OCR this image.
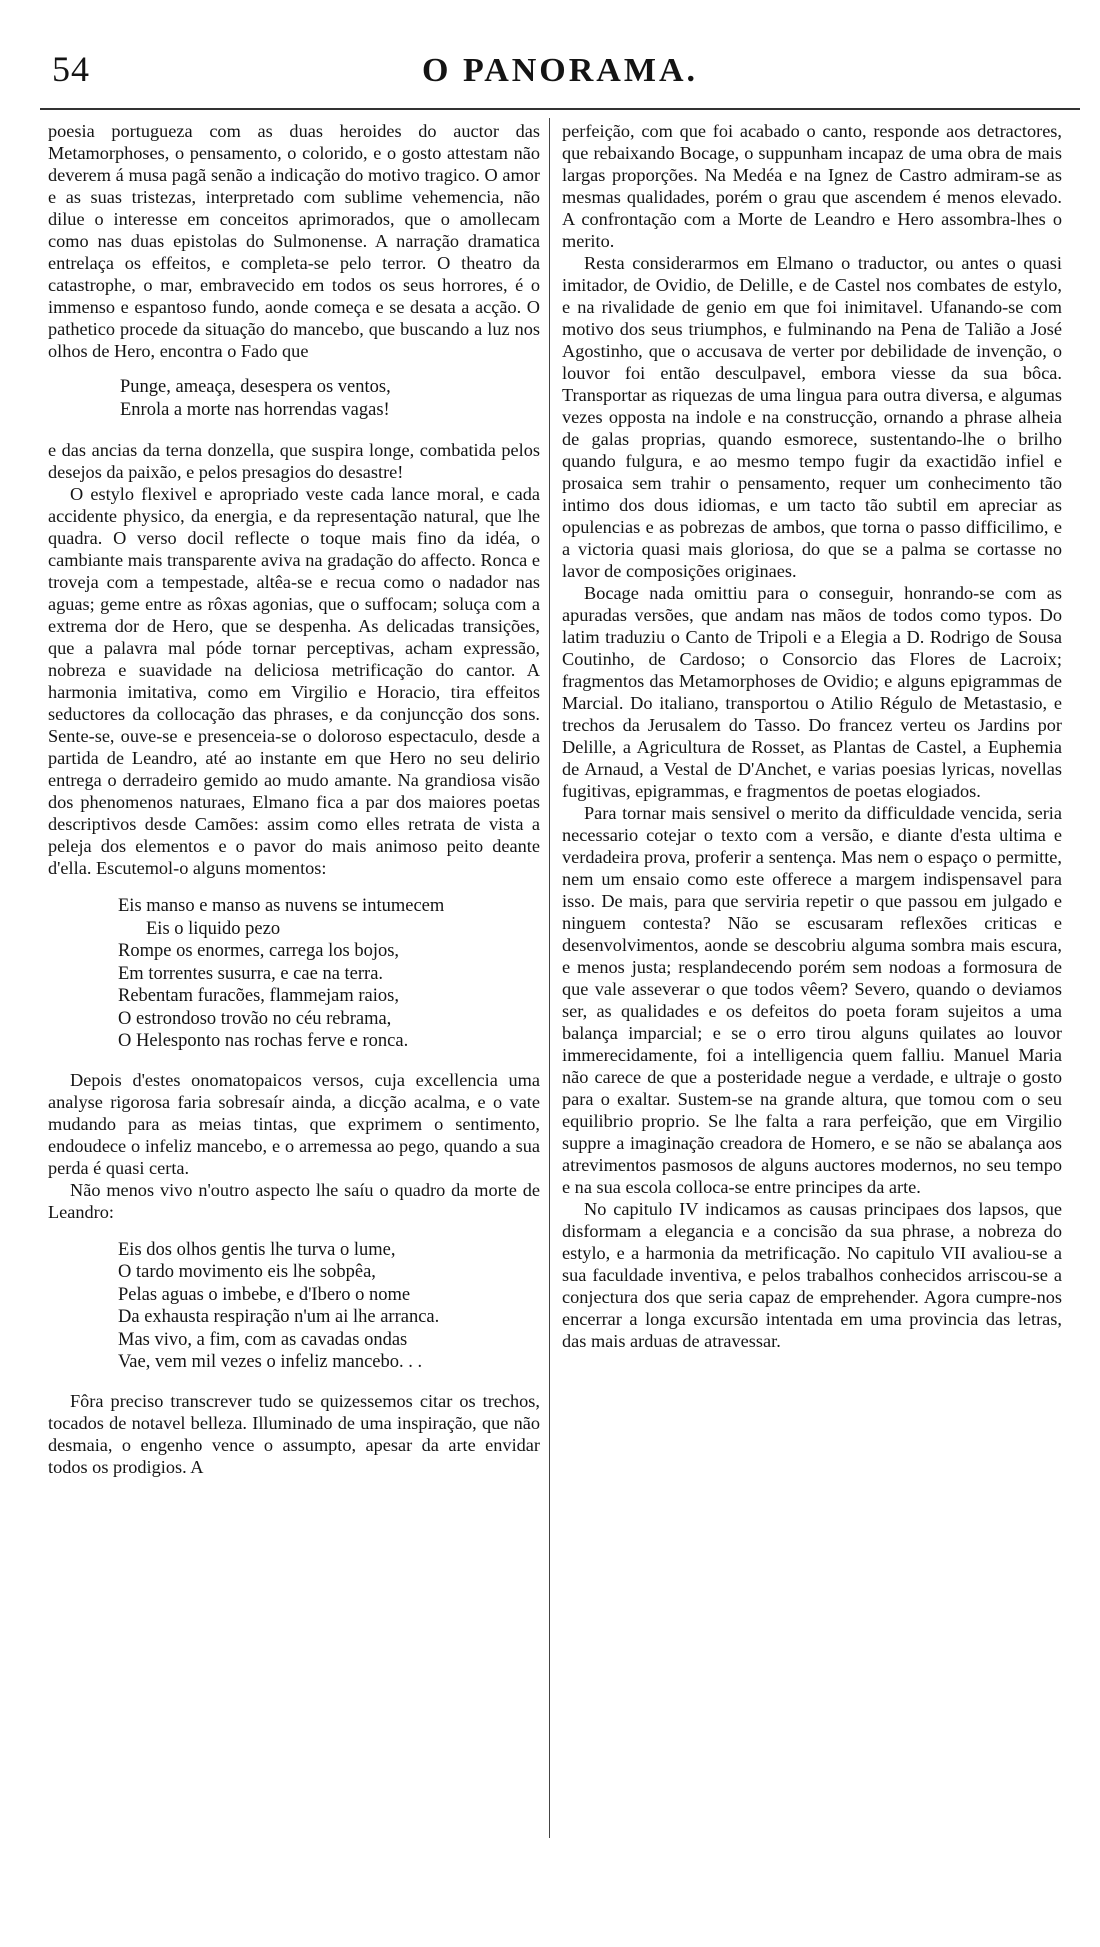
54	O PANORAMA.

poesia portugueza com as duas heroides do auctor das Metamorphoses, o pensamento, o colorido, e o gosto attestam não deverem á musa pagã senão a indicação do motivo tragico. O amor e as suas tristezas, interpretado com sublime vehemencia, não dilue o interesse em conceitos aprimorados, que o amollecam como nas duas epistolas do Sulmonense. A narração dramatica entrelaça os effeitos, e completa-se pelo terror. O theatro da catastrophe, o mar, embravecido em todos os seus horrores, é o immenso e espantoso fundo, aonde começa e se desata a acção. O pathetico procede da situação do mancebo, que buscando a luz nos olhos de Hero, encontra o Fado que

Punge, ameaça, desespera os ventos,
Enrola a morte nas horrendas vagas!

e das ancias da terna donzella, que suspira longe, combatida pelos desejos da paixão, e pelos presagios do desastre!

O estylo flexivel e apropriado veste cada lance moral, e cada accidente physico, da energia, e da representação natural, que lhe quadra. O verso docil reflecte o toque mais fino da idéa, o cambiante mais transparente aviva na gradação do affecto. Ronca e troveja com a tempestade, altêa-se e recua como o nadador nas aguas; geme entre as rôxas agonias, que o suffocam; soluça com a extrema dor de Hero, que se despenha. As delicadas transições, que a palavra mal póde tornar perceptivas, acham expressão, nobreza e suavidade na deliciosa metrificação do cantor. A harmonia imitativa, como em Virgilio e Horacio, tira effeitos seductores da collocação das phrases, e da conjuncção dos sons. Sente-se, ouve-se e presenceia-se o doloroso espectaculo, desde a partida de Leandro, até ao instante em que Hero no seu delirio entrega o derradeiro gemido ao mudo amante. Na grandiosa visão dos phenomenos naturaes, Elmano fica a par dos maiores poetas descriptivos desde Camões: assim como elles retrata de vista a peleja dos elementos e o pavor do mais animoso peito deante d'ella. Escutemol-o alguns momentos:

Eis manso e manso as nuvens se intumecem
Eis o liquido pezo
Rompe os enormes, carrega los bojos,
Em torrentes susurra, e cae na terra.
Rebentam furacões, flammejam raios,
O estrondoso trovão no céu rebrama,
O Helesponto nas rochas ferve e ronca.

Depois d'estes onomatopaicos versos, cuja excellencia uma analyse rigorosa faria sobresaír ainda, a dicção acalma, e o vate mudando para as meias tintas, que exprimem o sentimento, endoudece o infeliz mancebo, e o arremessa ao pego, quando a sua perda é quasi certa.

Não menos vivo n'outro aspecto lhe saíu o quadro da morte de Leandro:

Eis dos olhos gentis lhe turva o lume,
O tardo movimento eis lhe sobpêa,
Pelas aguas o imbebe, e d'Ibero o nome
Da exhausta respiração n'um ai lhe arranca.
Mas vivo, a fim, com as cavadas ondas
Vae, vem mil vezes o infeliz mancebo. . .

Fôra preciso transcrever tudo se quizessemos citar os trechos, tocados de notavel belleza. Illuminado de uma inspiração, que não desmaia, o engenho vence o assumpto, apesar da arte envidar todos os prodigios. A

perfeição, com que foi acabado o canto, responde aos detractores, que rebaixando Bocage, o suppunham incapaz de uma obra de mais largas proporções. Na Medéa e na Ignez de Castro admiram-se as mesmas qualidades, porém o grau que ascendem é menos elevado. A confrontação com a Morte de Leandro e Hero assombra-lhes o merito.

Resta considerarmos em Elmano o traductor, ou antes o quasi imitador, de Ovidio, de Delille, e de Castel nos combates de estylo, e na rivalidade de genio em que foi inimitavel. Ufanando-se com motivo dos seus triumphos, e fulminando na Pena de Talião a José Agostinho, que o accusava de verter por debilidade de invenção, o louvor foi então desculpavel, embora viesse da sua bôca. Transportar as riquezas de uma lingua para outra diversa, e algumas vezes opposta na indole e na construcção, ornando a phrase alheia de galas proprias, quando esmorece, sustentando-lhe o brilho quando fulgura, e ao mesmo tempo fugir da exactidão infiel e prosaica sem trahir o pensamento, requer um conhecimento tão intimo dos dous idiomas, e um tacto tão subtil em apreciar as opulencias e as pobrezas de ambos, que torna o passo difficilimo, e a victoria quasi mais gloriosa, do que se a palma se cortasse no lavor de composições originaes.

Bocage nada omittiu para o conseguir, honrando-se com as apuradas versões, que andam nas mãos de todos como typos. Do latim traduziu o Canto de Tripoli e a Elegia a D. Rodrigo de Sousa Coutinho, de Cardoso; o Consorcio das Flores de Lacroix; fragmentos das Metamorphoses de Ovidio; e alguns epigrammas de Marcial. Do italiano, transportou o Atilio Régulo de Metastasio, e trechos da Jerusalem do Tasso. Do francez verteu os Jardins por Delille, a Agricultura de Rosset, as Plantas de Castel, a Euphemia de Arnaud, a Vestal de D'Anchet, e varias poesias lyricas, novellas fugitivas, epigrammas, e fragmentos de poetas elogiados.

Para tornar mais sensivel o merito da difficuldade vencida, seria necessario cotejar o texto com a versão, e diante d'esta ultima e verdadeira prova, proferir a sentença. Mas nem o espaço o permitte, nem um ensaio como este offerece a margem indispensavel para isso. De mais, para que serviria repetir o que passou em julgado e ninguem contesta? Não se escusaram reflexões criticas e desenvolvimentos, aonde se descobriu alguma sombra mais escura, e menos justa; resplandecendo porém sem nodoas a formosura de que vale asseverar o que todos vêem? Severo, quando o deviamos ser, as qualidades e os defeitos do poeta foram sujeitos a uma balança imparcial; e se o erro tirou alguns quilates ao louvor immerecidamente, foi a intelligencia quem falliu. Manuel Maria não carece de que a posteridade negue a verdade, e ultraje o gosto para o exaltar. Sustem-se na grande altura, que tomou com o seu equilibrio proprio. Se lhe falta a rara perfeição, que em Virgilio suppre a imaginação creadora de Homero, e se não se abalança aos atrevimentos pasmosos de alguns auctores modernos, no seu tempo e na sua escola colloca-se entre principes da arte.

No capitulo IV indicamos as causas principaes dos lapsos, que disformam a elegancia e a concisão da sua phrase, a nobreza do estylo, e a harmonia da metrificação. No capitulo VII avaliou-se a sua faculdade inventiva, e pelos trabalhos conhecidos arriscou-se a conjectura dos que seria capaz de emprehender. Agora cumpre-nos encerrar a longa excursão intentada em uma provincia das letras, das mais arduas de atravessar.
